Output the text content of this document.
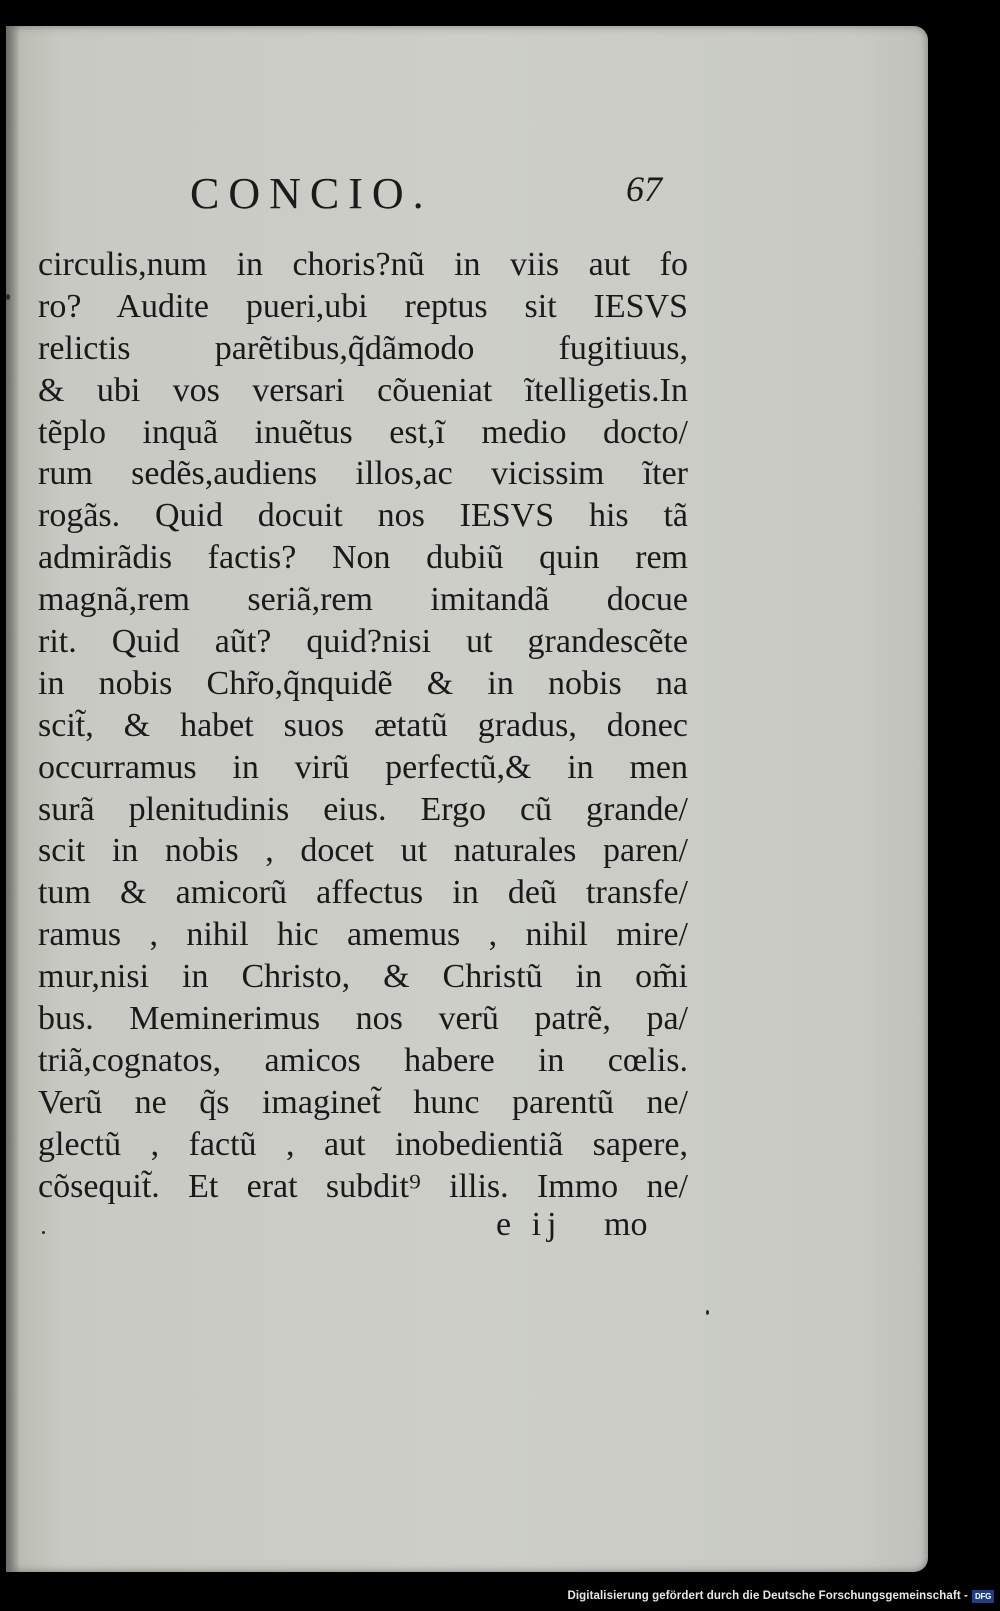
CONCIO.	67
circulis,num in choris?nũ in viis aut fo
ro? Audite pueri,ubi reptus sit IESVS
relictis parẽtibus,q̃dãmodo fugitiuus,
& ubi vos versari cõueniat ĩtelligetis.In
tẽplo inquã inuẽtus est,ĩ medio docto/
rum sedẽs,audiens illos,ac vicissim ĩter
rogãs. Quid docuit nos IESVS his tã
admirãdis factis? Non dubiũ quin rem
magnã,rem seriã,rem imitandã docue
rit. Quid aũt? quid?nisi ut grandescẽte
in nobis Chr̃o,q̃nquidẽ & in nobis na
scit̃, & habet suos ætatũ gradus, donec
occurramus in virũ perfectũ,& in men
surã plenitudinis eius. Ergo cũ grande/
scit in nobis , docet ut naturales paren/
tum & amicorũ affectus in deũ transfe/
ramus , nihil hic amemus , nihil mire/
mur,nisi in Christo, & Christũ in om̃i
bus. Meminerimus nos verũ patrẽ, pa/
triã,cognatos, amicos habere in cœlis.
Verũ ne q̃s imaginet̃ hunc parentũ ne/
glectũ , factũ , aut inobedientiã sapere,
cõsequit̃. Et erat subdit⁹ illis. Immo ne/
e ij mo
Digitalisierung gefördert durch die Deutsche Forschungsgemeinschaft - DFG
